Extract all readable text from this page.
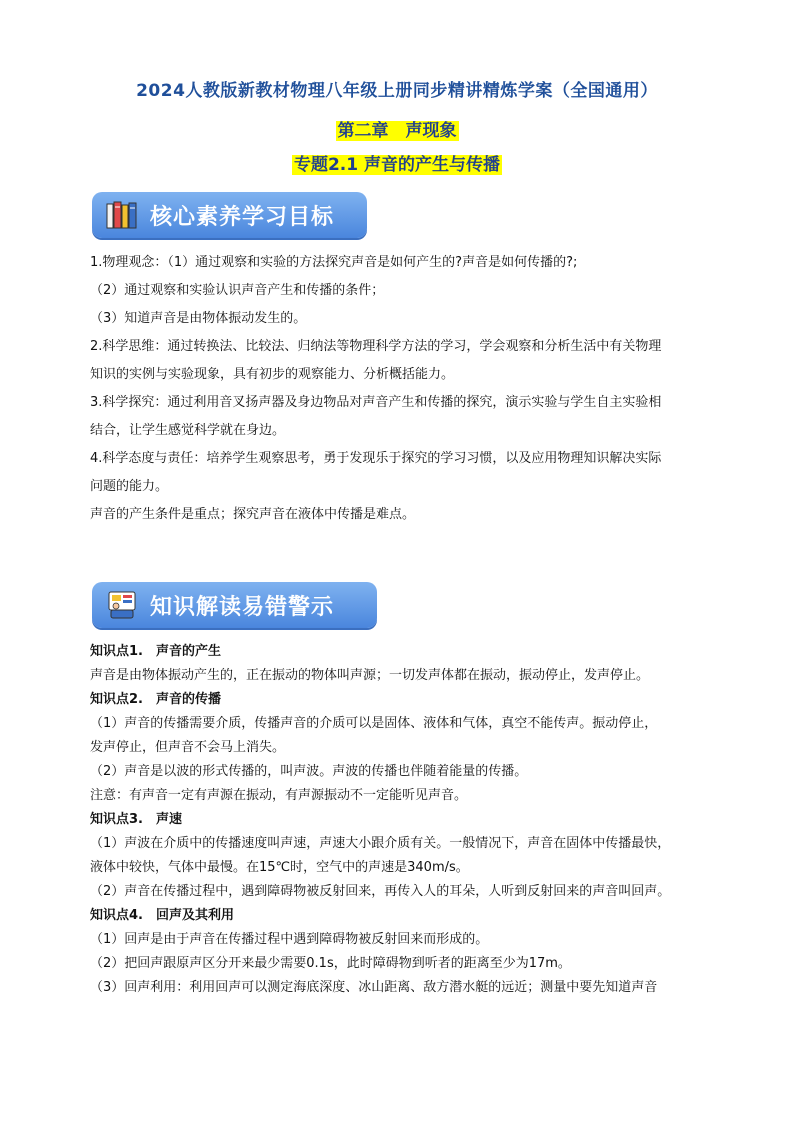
2024人教版新教材物理八年级上册同步精讲精炼学案（全国通用）
第二章　声现象
专题2.1 声音的产生与传播
核心素养学习目标
1.物理观念：（1）通过观察和实验的方法探究声音是如何产生的?声音是如何传播的?;
（2）通过观察和实验认识声音产生和传播的条件；
（3）知道声音是由物体振动发生的。
2.科学思维：通过转换法、比较法、归纳法等物理科学方法的学习，学会观察和分析生活中有关物理
知识的实例与实验现象，具有初步的观察能力、分析概括能力。
3.科学探究：通过利用音叉扬声器及身边物品对声音产生和传播的探究，演示实验与学生自主实验相
结合，让学生感觉科学就在身边。
4.科学态度与责任：培养学生观察思考，勇于发现乐于探究的学习习惯，以及应用物理知识解决实际
问题的能力。
声音的产生条件是重点；探究声音在液体中传播是难点。
知识解读易错警示
知识点1.　声音的产生
声音是由物体振动产生的，正在振动的物体叫声源；一切发声体都在振动，振动停止，发声停止。
知识点2.　声音的传播
（1）声音的传播需要介质，传播声音的介质可以是固体、液体和气体，真空不能传声。振动停止，
发声停止，但声音不会马上消失。
（2）声音是以波的形式传播的，叫声波。声波的传播也伴随着能量的传播。
注意：有声音一定有声源在振动，有声源振动不一定能听见声音。
知识点3.　声速
（1）声波在介质中的传播速度叫声速，声速大小跟介质有关。一般情况下，声音在固体中传播最快，
液体中较快，气体中最慢。在15℃时，空气中的声速是340m/s。
（2）声音在传播过程中，遇到障碍物被反射回来，再传入人的耳朵，人听到反射回来的声音叫回声。
知识点4.　回声及其利用
（1）回声是由于声音在传播过程中遇到障碍物被反射回来而形成的。
（2）把回声跟原声区分开来最少需要0.1s，此时障碍物到听者的距离至少为17m。
（3）回声利用：利用回声可以测定海底深度、冰山距离、敌方潜水艇的远近；测量中要先知道声音
